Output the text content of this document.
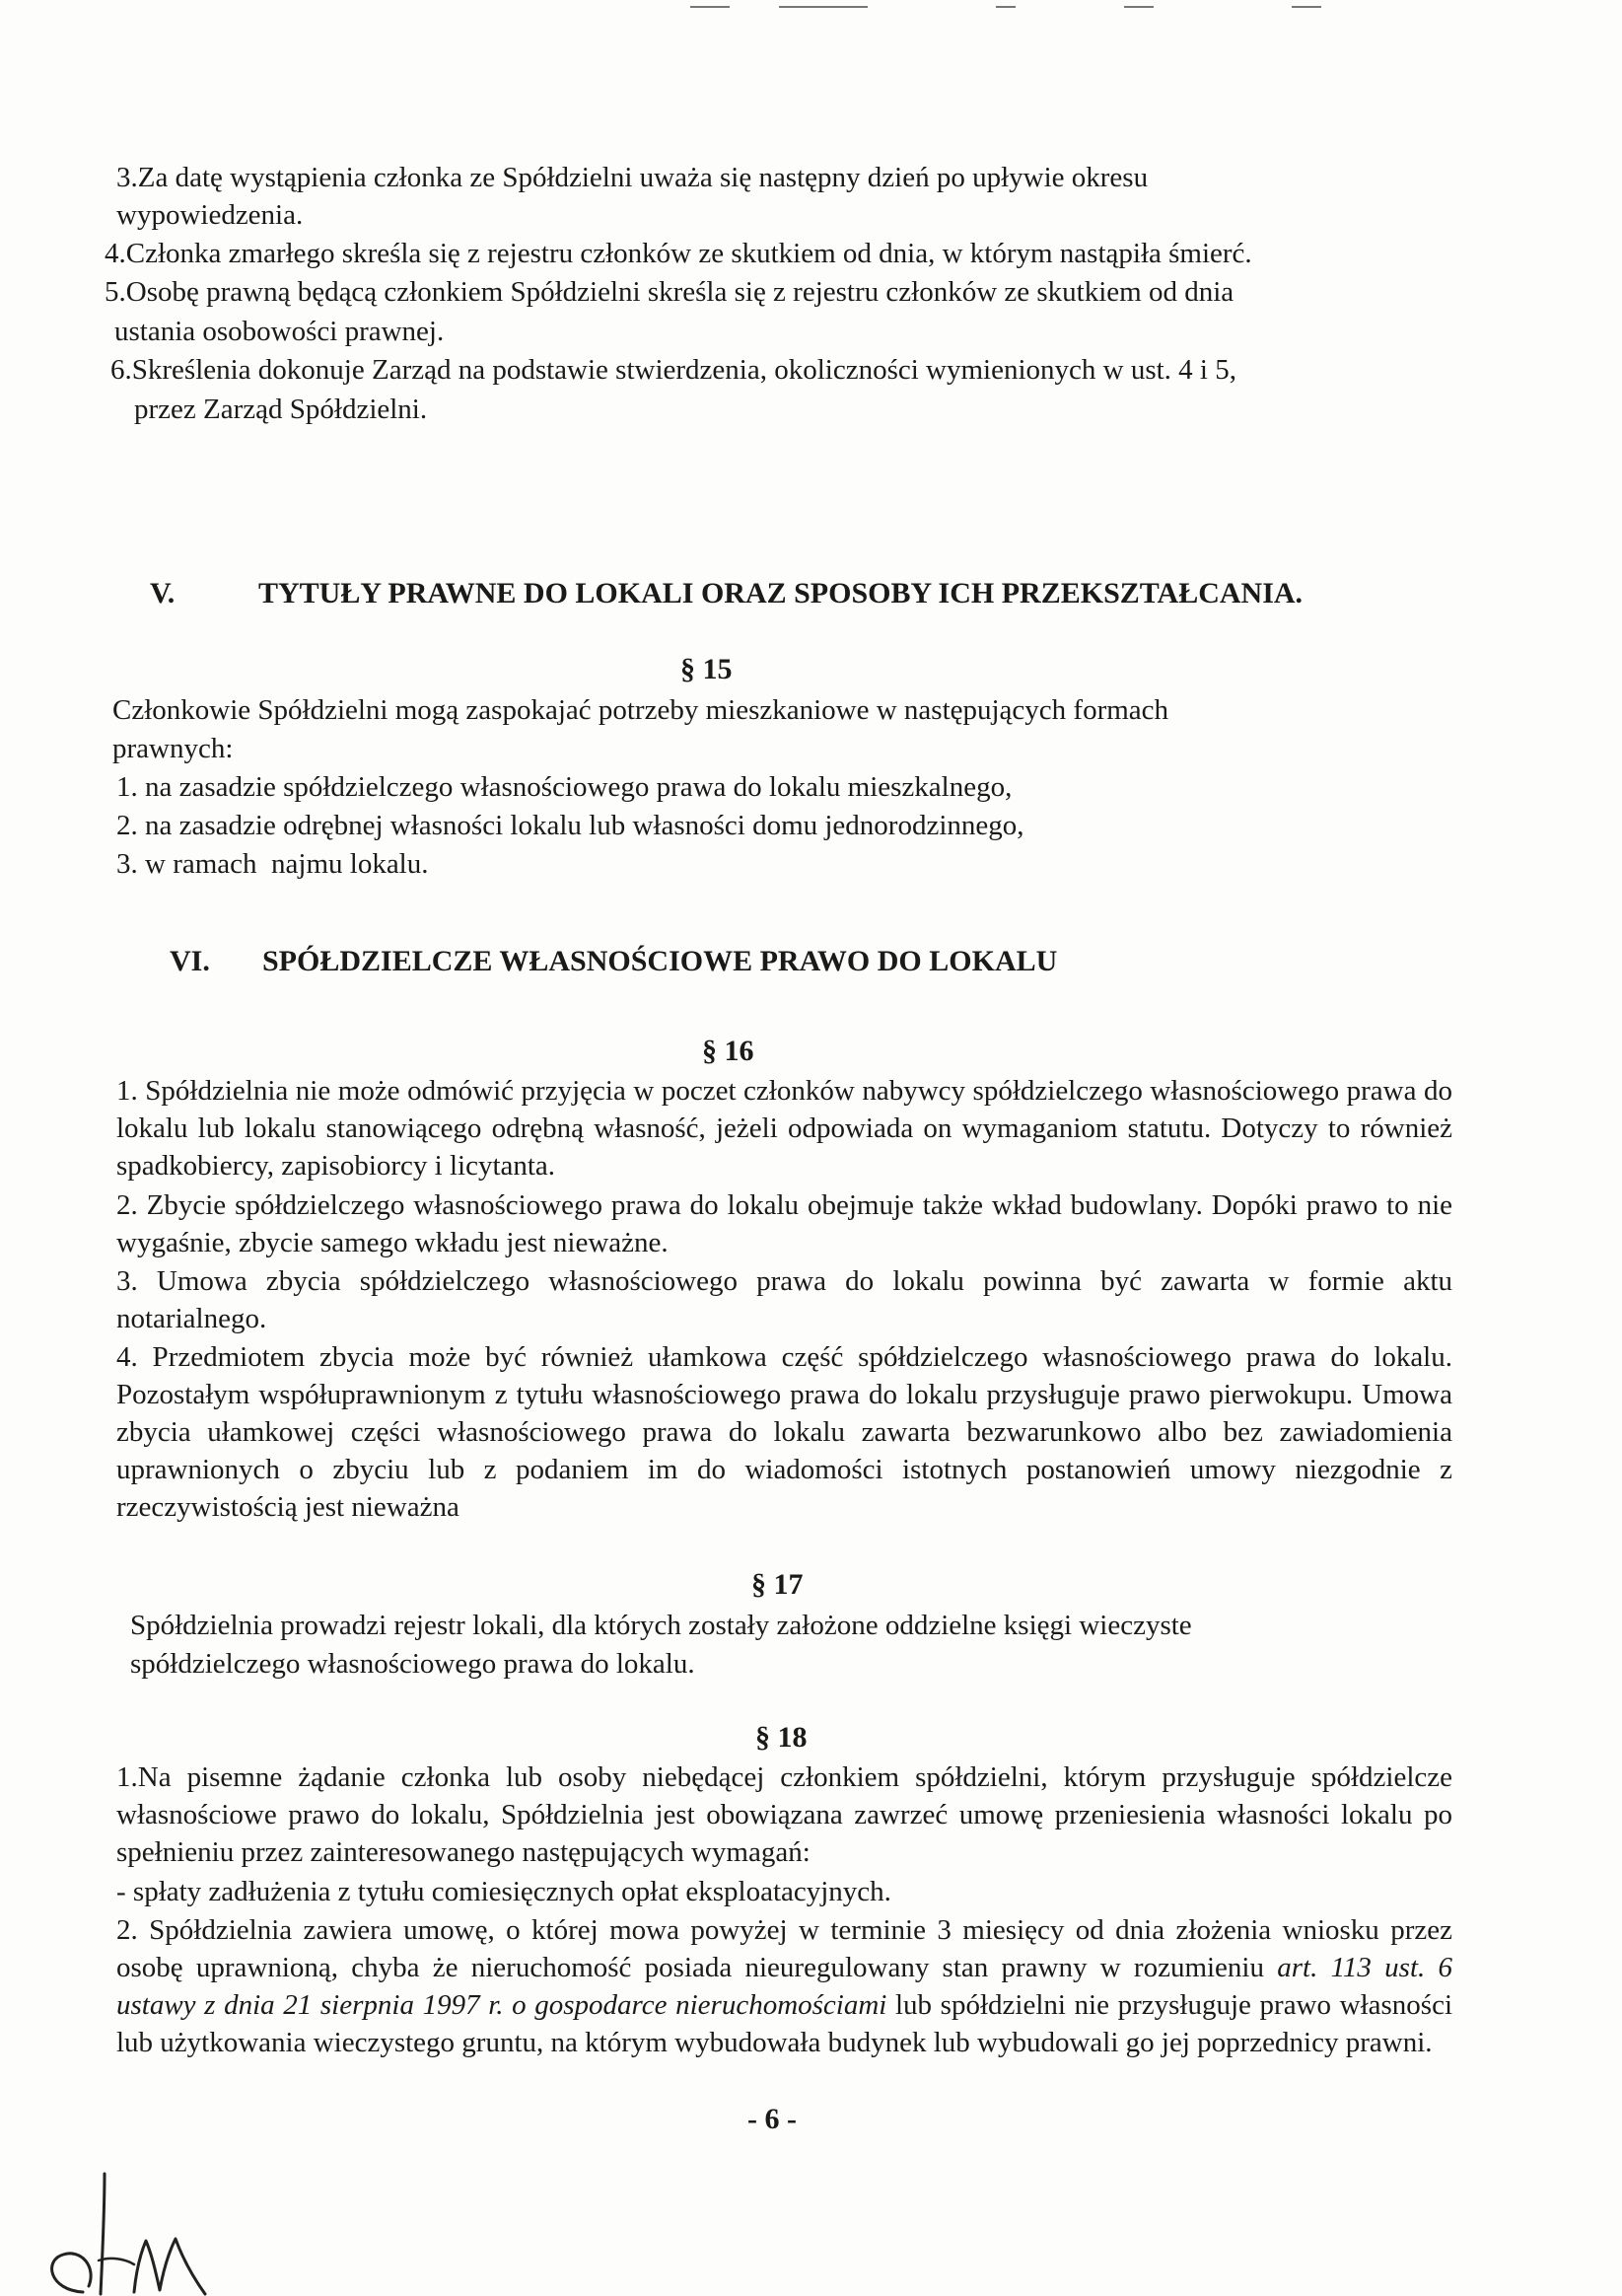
3.Za datę wystąpienia członka ze Spółdzielni uważa się następny dzień po upływie okresu
wypowiedzenia.
4.Członka zmarłego skreśla się z rejestru członków ze skutkiem od dnia, w którym nastąpiła śmierć.
5.Osobę prawną będącą członkiem Spółdzielni skreśla się z rejestru członków ze skutkiem od dnia
ustania osobowości prawnej.
6.Skreślenia dokonuje Zarząd na podstawie stwierdzenia, okoliczności wymienionych w ust. 4 i 5,
przez Zarząd Spółdzielni.
V.	TYTUŁY PRAWNE DO LOKALI ORAZ SPOSOBY ICH PRZEKSZTAŁCANIA.
§ 15
Członkowie Spółdzielni mogą zaspokajać potrzeby mieszkaniowe w następujących formach
prawnych:
1. na zasadzie spółdzielczego własnościowego prawa do lokalu mieszkalnego,
2. na zasadzie odrębnej własności lokalu lub własności domu jednorodzinnego,
3. w ramach  najmu lokalu.
VI. SPÓŁDZIELCZE WŁASNOŚCIOWE PRAWO DO LOKALU
§ 16
1. Spółdzielnia nie może odmówić przyjęcia w poczet członków nabywcy spółdzielczego własnościowego prawa do lokalu lub lokalu stanowiącego odrębną własność, jeżeli odpowiada on wymaganiom statutu. Dotyczy to również spadkobiercy, zapisobiorcy i licytanta.
2. Zbycie spółdzielczego własnościowego prawa do lokalu obejmuje także wkład budowlany. Dopóki prawo to nie wygaśnie, zbycie samego wkładu jest nieważne.
3. Umowa zbycia spółdzielczego własnościowego prawa do lokalu powinna być zawarta w formie aktu notarialnego.
4. Przedmiotem zbycia może być również ułamkowa część spółdzielczego własnościowego prawa do lokalu. Pozostałym współuprawnionym z tytułu własnościowego prawa do lokalu przysługuje prawo pierwokupu. Umowa zbycia ułamkowej części własnościowego prawa do lokalu zawarta bezwarunkowo albo bez zawiadomienia uprawnionych o zbyciu lub z podaniem im do wiadomości istotnych postanowień umowy niezgodnie z rzeczywistością jest nieważna
§ 17
Spółdzielnia prowadzi rejestr lokali, dla których zostały założone oddzielne księgi wieczyste
spółdzielczego własnościowego prawa do lokalu.
§ 18
1.Na pisemne żądanie członka lub osoby niebędącej członkiem spółdzielni, którym przysługuje spółdzielcze własnościowe prawo do lokalu, Spółdzielnia jest obowiązana zawrzeć umowę przeniesienia własności lokalu po spełnieniu przez zainteresowanego następujących wymagań:
- spłaty zadłużenia z tytułu comiesięcznych opłat eksploatacyjnych.
2. Spółdzielnia zawiera umowę, o której mowa powyżej w terminie 3 miesięcy od dnia złożenia wniosku przez osobę uprawnioną, chyba że nieruchomość posiada nieuregulowany stan prawny w rozumieniu art. 113 ust. 6 ustawy z dnia 21 sierpnia 1997 r. o gospodarce nieruchomościami lub spółdzielni nie przysługuje prawo własności lub użytkowania wieczystego gruntu, na którym wybudowała budynek lub wybudowali go jej poprzednicy prawni.
- 6 -
